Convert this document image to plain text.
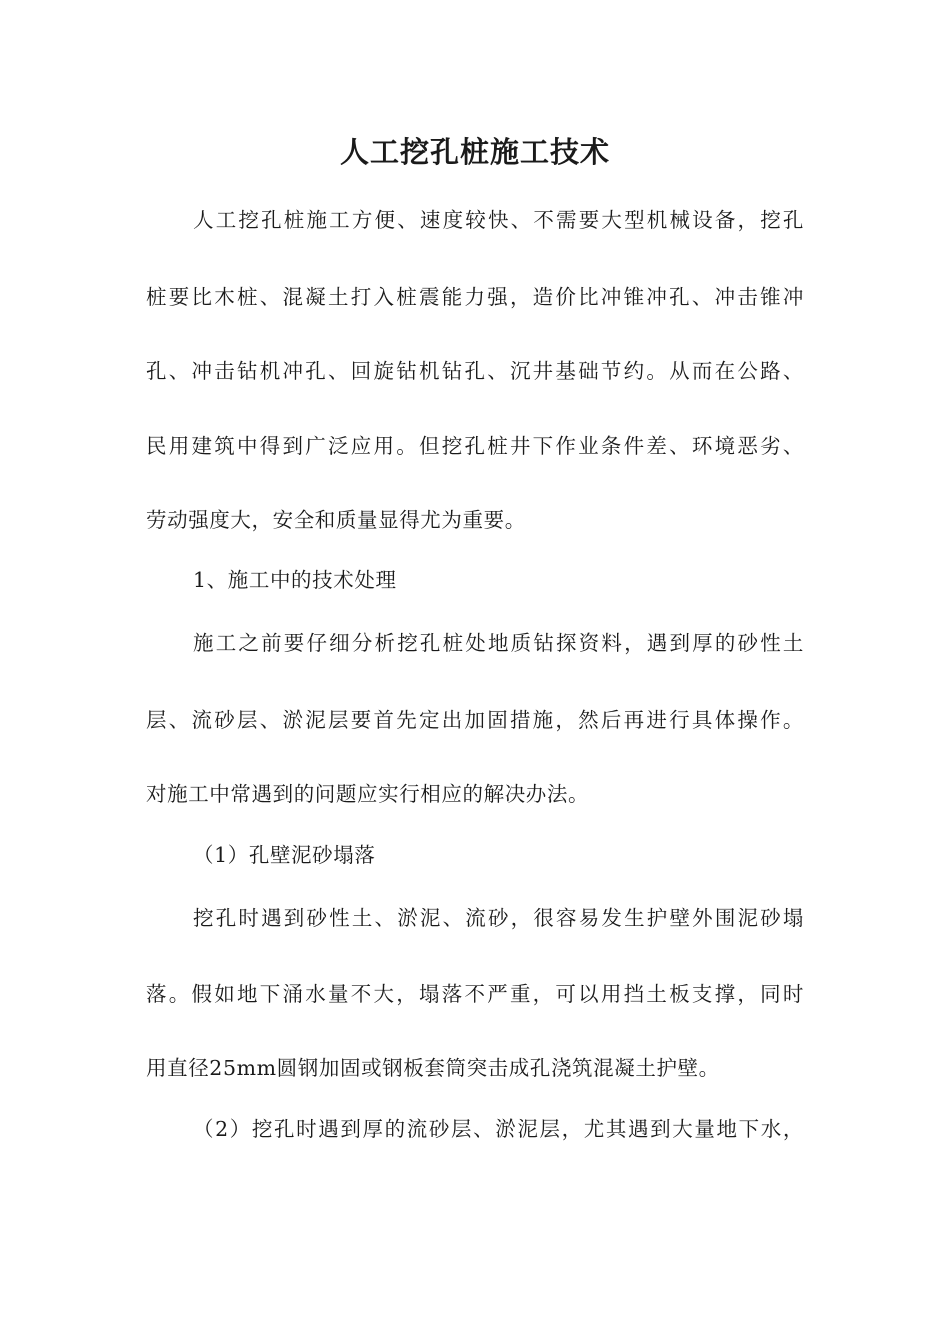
人工挖孔桩施工技术
人工挖孔桩施工方便、速度较快、不需要大型机械设备，挖孔
桩要比木桩、混凝土打入桩震能力强，造价比冲锥冲孔、冲击锥冲
孔、冲击钻机冲孔、回旋钻机钻孔、沉井基础节约。从而在公路、
民用建筑中得到广泛应用。但挖孔桩井下作业条件差、环境恶劣、
劳动强度大，安全和质量显得尤为重要。
1、施工中的技术处理
施工之前要仔细分析挖孔桩处地质钻探资料，遇到厚的砂性土
层、流砂层、淤泥层要首先定出加固措施，然后再进行具体操作。
对施工中常遇到的问题应实行相应的解决办法。
（1）孔壁泥砂塌落
挖孔时遇到砂性土、淤泥、流砂，很容易发生护壁外围泥砂塌
落。假如地下涌水量不大，塌落不严重，可以用挡土板支撑，同时
用直径25mm圆钢加固或钢板套筒突击成孔浇筑混凝土护壁。
（2）挖孔时遇到厚的流砂层、淤泥层，尤其遇到大量地下水，
